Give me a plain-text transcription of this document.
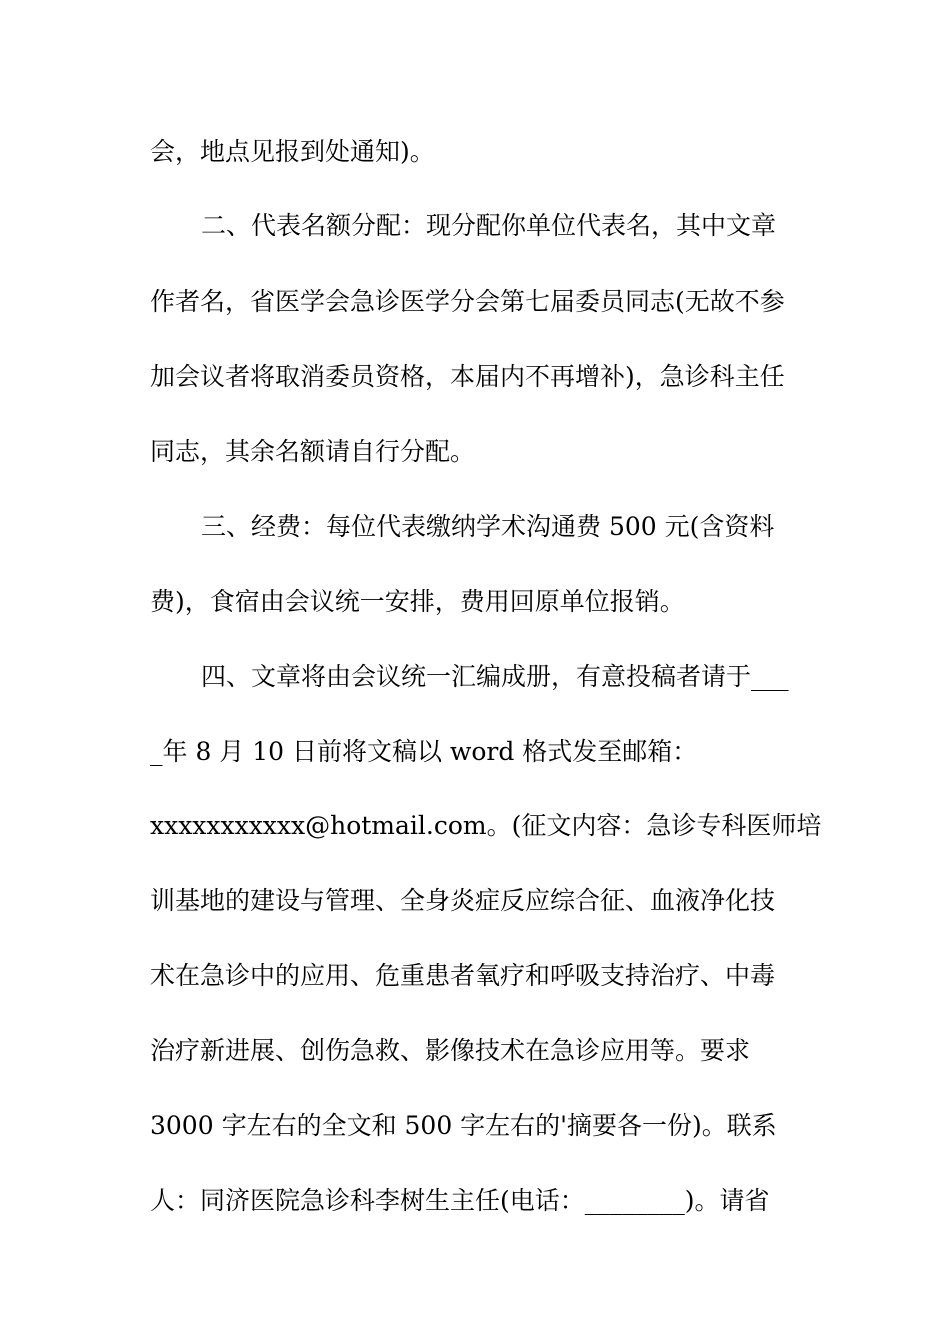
会，地点见报到处通知)。
二、代表名额分配：现分配你单位代表名，其中文章
作者名，省医学会急诊医学分会第七届委员同志(无故不参
加会议者将取消委员资格，本届内不再增补)，急诊科主任
同志，其余名额请自行分配。
三、经费：每位代表缴纳学术沟通费 500 元(含资料
费)，食宿由会议统一安排，费用回原单位报销。
四、文章将由会议统一汇编成册，有意投稿者请于___
_年 8 月 10 日前将文稿以 word 格式发至邮箱：
xxxxxxxxxxx@hotmail.com。(征文内容：急诊专科医师培
训基地的建设与管理、全身炎症反应综合征、血液净化技
术在急诊中的应用、危重患者氧疗和呼吸支持治疗、中毒
治疗新进展、创伤急救、影像技术在急诊应用等。要求
3000 字左右的全文和 500 字左右的'摘要各一份)。联系
人：同济医院急诊科李树生主任(电话：________)。请省
